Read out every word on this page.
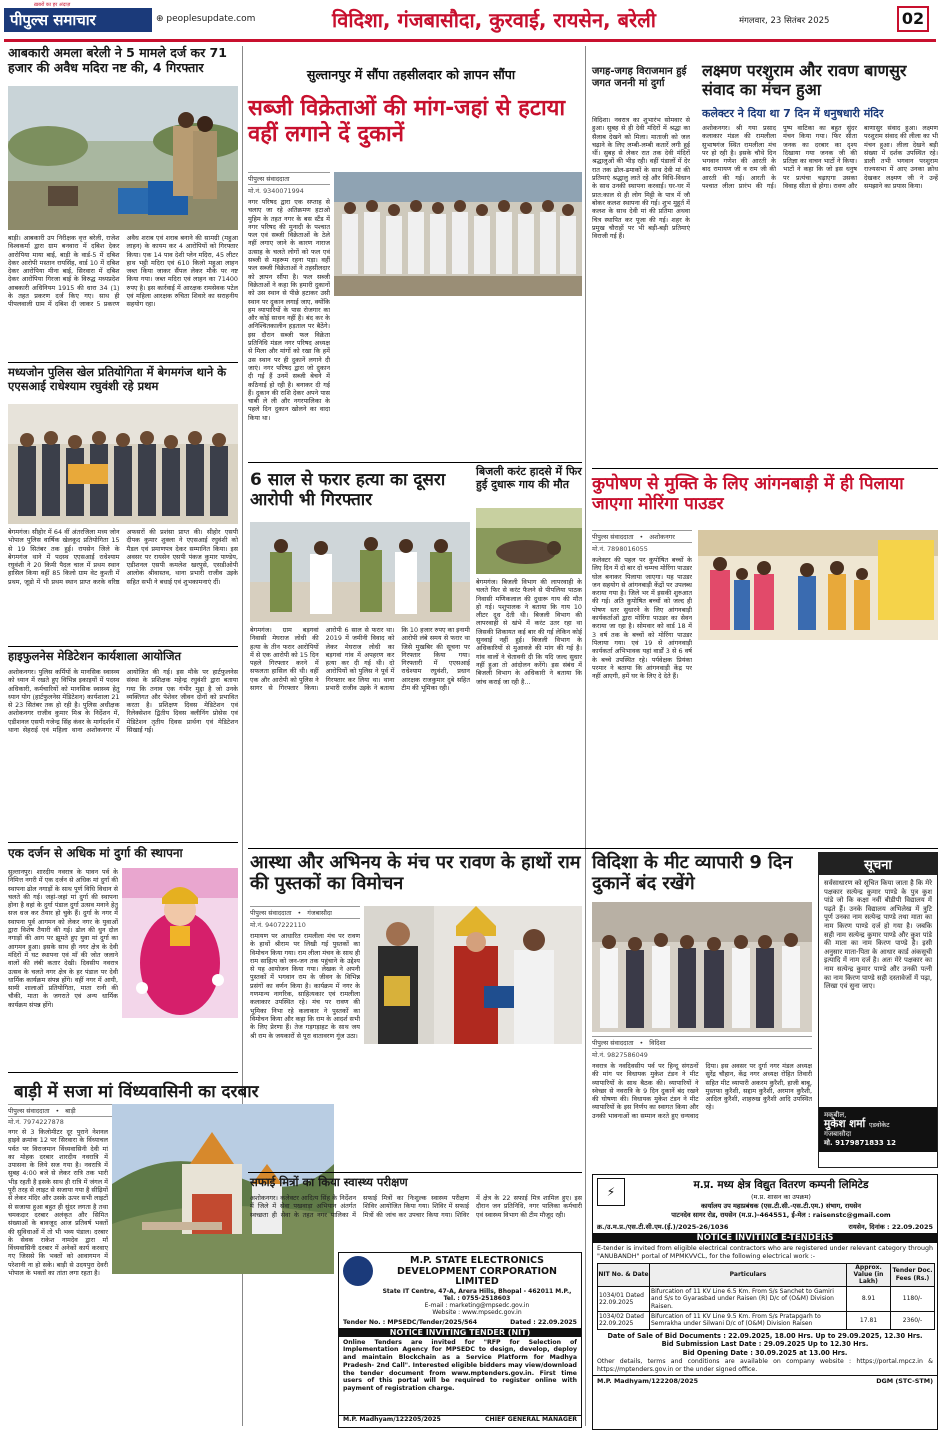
पीपुल्स समाचार
ख़बरों का हर अंदाज़
⊕ peoplesupdate.com	विदिशा, गंजबासौदा, कुरवाई, रायसेन, बरेली	मंगलवार, 23 सितंबर 2025	02
आबकारी अमला बरेली ने 5 मामले दर्ज कर 71 हजार की अवैध मदिरा नष्ट की, 4 गिरफ्तार
बाड़ी। आबकारी उप निरीक्षक वृत्त बरेली, राजेश विश्वकर्मा द्वारा ग्राम बनवारा में दबिश देकर आरोपिया माया बाई, बाड़ी के वार्ड-5 में दबिश देकर आरोपी मस्तान रायसिंह, वार्ड 10 में दबिश देकर आरोपिया मीना बाई, सिरवारा में दबिश देकर आरोपिया गिरजा बाई के विरुद्ध मध्यप्रदेश आबकारी अधिनियम 1915 की धारा 34 (1) के तहत प्रकरण दर्ज किए गए। साथ ही पीपलवाली ग्राम में दबिश दी जाकर 5 प्रकरण अवैध शराब एवं शराब बनाने की सामग्री (महुआ लाहन) के कायम कर 4 आरोपियों को गिरफ्तार किया। एक 14 पाव देशी प्लेन मदिरा, 45 लीटर हाथ भट्टी मदिरा एवं 610 किलो महुआ लाहन जब्त किया जाकर सैंपल लेकर मौके पर नष्ट किया गया। जब्त मदिरा एवं लाहन का 71400 रुपए है। इस कार्रवाई में आरक्षक रामसेवक पटेल एवं महिला आरक्षक रुचिता शिवारे का सराहनीय सहयोग रहा।
मध्यजोन पुलिस खेल प्रतियोगिता में बेगमगंज थाने के एएसआई राधेश्याम रघुवंशी रहे प्रथम
बेगमगंज। सीहोर में 64 वीं अंतरजिला मध्य जोन भोपाल पुलिस वार्षिक खेलकूद प्रतियोगिता 15 से 19 सितंबर तक हुई। रायसेन जिले के बेगमगंज थाने में पदस्थ एएसआई राधेश्याम रघुवंशी ने 20 किमी पैदल चाल में प्रथम स्थान हासिल किया वहीं 85 किलो ग्राम वेट कुश्ती में प्रथम, जूडो में भी प्रथम स्थान प्राप्त करके वरिष्ठ अफसरों की प्रशंसा प्राप्त की। सीहोर एसपी दीपक कुमार शुक्ला ने एएसआई रघुवंशी को मैडल एवं प्रमाणपत्र देकर सम्मानित किया। इस अवसर पर रायसेन एसपी पंकज कुमार पाण्डेय, एडीशनल एसपी कमलेश खरपुसे, एसडीओपी आलोक श्रीवास्तव, थाना प्रभारी राजीव उइके सहित सभी ने बधाई एवं शुभकामनाएं दीं।
हाइफुलनेस मेडिटेशन कार्यशाला आयोजित
अशोकनगर। पुलिस कर्मियों के मानसिक स्वास्थ्य को ध्यान में रखते हुए विभिन्न इकाइयों में पदस्थ अधिकारी, कर्मचारियों को मानसिक स्वास्थ्य हेतु ध्यान योग (हार्टफुलनेस मेडिटेशन) कार्यशाला 21 से 23 सितंबर तक हो रही है। पुलिस अधीक्षक अशोकनगर राजीव कुमार मिश्र के निर्देशन में, एडीशनल एसपी गजेन्द्र सिंह कंवर के मार्गदर्शन में थाना सेहराई एवं महिला थाना अशोकनगर में आयोजित की गई। इस मौके पर हार्टफुलनेस संस्था के प्रशिक्षक महेन्द्र रघुवंशी द्वारा बताया गया कि तनाव एक गंभीर मुद्दा है जो उनके व्यक्तिगत और पेशेवर जीवन दोनों को प्रभावित करता है। प्रशिक्षण दिवस मेडिटेशन एवं रिलेक्सेशन द्वितीय दिवस क्लीनिंग प्रोसेस एवं मेडिटेशन तृतीय दिवस प्रार्थना एवं मेडिटेशन सिखाई गई।
एक दर्जन से अधिक मां दुर्गा की स्थापना
सुल्तानपुर। शारदीय नवरात्र के पावन पर्व के निमित्त नगरी में एक दर्जन से अधिक मां दुर्गा की स्थापना ढोल नगाड़ों के साथ पूर्ण विधि विधान से चलते की गई। जहां-जहां मां दुर्गा की स्थापना होना है वहां के दुर्गा पंडाल दुर्गा उत्सव मनाने हेतु सज धज कर तैयार हो चुके हैं। दुर्गा के नगर में स्थापना पूर्व आगमन को लेकर नगर के युवाओं द्वारा विशेष तैयारी की गई। ढोल की धुन दोल नगाड़ों की आग पर झूमते हुए युवा मां दुर्गा का आगमन हुआ। इसके साथ ही नगर क्षेत्र के देवी मंदिरों में घट स्थापना एवं माँ की जोत जलाने वालों की लंबी कतार देखी। दिवसीय नवरात्र उत्सव के चलते नगर क्षेत्र के हर पंडाल पर देवी धार्मिक कार्यक्रम संपन्न होंगे। वहीं नगर में आयी, सामी शालाओं प्रतियोगिता, माता रानी की चौकी, माता के जगराते एवं अन्य धार्मिक कार्यक्रम संपन्न होंगे।
बाड़ी में सजा मां विंध्यवासिनी का दरबार
पीपुल्स संवाददाता • बाड़ी
मो.नं. 7974227878
नगर से 3 किलोमीटर दूर पुराने नेशनल हाइवे क्रमांक 12 पर सिरवारा के विंध्याचल पर्वत पर विराजमान विंध्यवासिनी देवी मां का मोहक दरबार शारदीय नवरात्रि में उपासना के लिये सज गया है। नवरात्रि में सुबह 4:00 बजे से लेकर रात्रि तक भारी भीड़ रहती है इसके साथ ही रात्रि में जंगल में पूरी तरह से लाइट से सजाया गया है सीढ़ियों से लेकर मंदिर और उसके ऊपर सभी लाइटों से सजाया हुआ बहुत ही सुंदर लगता है तथा चमकदार दरबार अलंकृत और सिमित संख्याओं के बावजूद आज प्रतिवर्ष भक्तों की सुविधाओं में तो भी भव्य पंडाल। दरबार के सेवक राकेश नामदेव द्वारा माँ विंध्यवासिनी दरबार में अनेकों कार्य करवाए गए जिससे कि भक्तों को आवागमन में परेशानी ना हो सके। बाड़ी से उदयपुरा देवरी भोपाल के भक्तों का तांता लगा रहता है।
सुल्तानपुर में सौंपा तहसीलदार को ज्ञापन सौंपा
सब्जी विक्रेताओं की मांग-जहां से हटाया वहीं लगाने दें दुकानें
पीपुल्स संवाददाता
मो.नं. 9340071994
नगर परिषद द्वारा एक सप्ताह से चलाए जा रहे अतिक्रमण हटाओ मुहिम के तहत नगर के बस स्टैंड में नगर परिषद की मुनादी के पश्चात फल एवं सब्जी विक्रेताओं के ठेले नहीं लगाए जाने के कारण नाराज उत्साह के चलते लोगों को फल एवं सब्जी से महरूम रहना पड़ा। वहीं फल सब्जी विक्रेताओं ने तहसीलदार को ज्ञापन सौंपा है। फल सब्जी विक्रेताओं ने कहा कि हमारी दुकानों को उस स्थान से पीछे हटाकर उसी स्थान पर दुकान लगाई जाए, क्योंकि हम व्यापारियों के पास रोजगार का और कोई साधन नहीं है। बंद कर के अनिश्चितकालीन हड़ताल पर बैठेंगे। इस दौरान सब्जी फल विक्रेता प्रतिनिधि मंडल नगर परिषद अध्यक्ष से मिला और मांगों को रखा कि हमें उस स्थान पर ही दुकानें लगाने दी जाएं। नगर परिषद द्वारा जो दुकान दी गई हैं उनमें सब्जी बेचने में कठिनाई हो रही है। बनाकर दी गई हैं। दुकान की राशि देकर अपने पास चाबी ले ली और नगरपालिका के पहले दिन दुकान खोलने का वादा किया था।
जगह-जगह विराजमान हुई जगत जननी मां दुर्गा
विदिशा। नवरात्र का शुभारंभ सोमवार से हुआ। सुबह से ही देवी मंदिरों में श्रद्धा का सैलाब देखने को मिला। माताजी को जल चढ़ाने के लिए लम्बी-लम्बी कतारें लगी हुई थीं। सुबह से लेकर रात तक देवी मंदिरों श्रद्धालुओं की भीड़ रही। वहीं पंडालों में देर रात तक ढोल-ढमाकों के साथ देवी मां की प्रतिमाएं श्रद्धालु लाते रहे और विधि-विधान के साथ उनकी स्थापना करवाई। घर-घर में प्रात:काल से ही लोग मिट्टी के पात्र में जौ बोकर कलश स्थापना की गई। शुभ मुहूर्त में कलश के साथ देवी मां की प्रतिमा अथवा चित्र स्थापित कर पूजा की गई। शहर के प्रमुख चौराहों पर भी बड़ी-बड़ी प्रतिमाएं विराजी गई हैं।
लक्ष्मण परशुराम और रावण बाणसुर संवाद का मंचन हुआ
कलेक्टर ने दिया था 7 दिन में धनुषधारी मंदिर
अशोकनगर। श्री गया प्रसाद कलाकार मंडल की रामलीला सुभाषगंज स्थित रामलीला मंच पर हो रही है। इसके चौथे दिन भगवान गणेश की आरती के बाद रामायण जी व राम जी की आरती की गई। आरती के पश्चात लीला प्रारंभ की गई। पुष्प वाटिका का बहुत सुंदर मंचन किया गया। फिर सीता जनक का दरबार का दृश्य दिखाया गया जनक जी की प्रतिज्ञा का वाचन भाटों ने किया। भाटों ने कहा कि जो इस धनुष पर प्रत्यंचा चढ़ाएगा उसका विवाह सीता से होगा। रावण और बाणासुर संवाद हुआ। लक्ष्मण परशुराम संवाद की लीला का भी मंचन हुआ। लीला देखने बड़ी संख्या में दर्शक उपस्थित रहे। डाली तभी भगवान परशुराम राज्यसभा में आए उनका क्रोध देखकर लक्ष्मण जी ने उन्हें समझाने का प्रयास किया।
6 साल से फरार हत्या का दूसरा आरोपी भी गिरफ्तार
बेगमगंज। ग्राम बड़गवां निवासी मेघराज लोधी की हत्या के तीन फरार आरोपियों में से एक आरोपी को 15 दिन पहले गिरफ्तार करने में सफलता हासिल की थी। वहीं एक और आरोपी को पुलिस ने सागर से गिरफ्तार किया। आरोपी 6 साल से फरार था। 2019 में जमीनी विवाद को लेकर मेघराज लोधी का बड़गवां गांव में अपहरण कर हत्या कर दी गई थी। दो आरोपियों को पुलिस ने पूर्व में गिरफ्तार कर लिया था। थाना प्रभारी राजीव उइके ने बताया कि 10 हजार रुपए का इनामी आरोपी लंबे समय से फरार था जिसे मुखबिर की सूचना पर गिरफ्तार किया गया। गिरफ्तारी में एएसआई राधेश्याम रघुवंशी, प्रधान आरक्षक राजकुमार दुबे सहित टीम की भूमिका रही।
बिजली करंट हादसे में फिर हुई दुधारू गाय की मौत
बेगमगंज। बिजली विभाग की लापरवाही के चलते फिर से करंट फैलने से पीपलिया पाठक निवासी मणिकलाल की दुधारू गाय की मौत हो गई। पशुपालक ने बताया कि गाय 10 लीटर दूध देती थी। बिजली विभाग की लापरवाही से खंभे में करंट उतर रहा था जिसकी शिकायत कई बार की गई लेकिन कोई सुनवाई नहीं हुई। बिजली विभाग के अधिकारियों से मुआवजे की मांग की गई है। गांव वालों ने चेतावनी दी कि यदि जल्द सुधार नहीं हुआ तो आंदोलन करेंगे। इस संबंध में बिजली विभाग के अधिकारी ने बताया कि जांच कराई जा रही है...
कुपोषण से मुक्ति के लिए आंगनबाड़ी में ही पिलाया जाएगा मोरिंगा पाउडर
पीपुल्स संवाददाता • अशोकनगर
मो.नं. 7898016055
कलेक्टर की पहल पर कुपोषित बच्चों के लिए दिन में दो बार दो चम्मच मोरिंगा पाउडर घोल बनाकर पिलाया जाएगा। यह पाउडर जन सहयोग से आंगनबाड़ी केंद्रों पर उपलब्ध कराया गया है। जिले भर में इसकी शुरुआत की गई। अति कुपोषित बच्चों को जल्द ही पोषण स्तर सुधारने के लिए आंगनबाड़ी कार्यकर्ताओं द्वारा मोरिंगा पाउडर का सेवन कराया जा रहा है। सोमवार को वार्ड 18 में 3 वर्ष तक के बच्चों को मोरिंगा पाउडर पिलाया गया। एवं 19 से आंगनवाड़ी कार्यकर्ता अभिभावक यहां वार्डों 3 से 6 वर्ष के बच्चे उपस्थित रहे। पर्यवेक्षक प्रियंका परमार ने बताया कि आंगनवाड़ी केंद्र पर नहीं आएगी, हमें घर के लिए दे देते हैं।
आस्था और अभिनय के मंच पर रावण के हाथों राम की पुस्तकों का विमोचन
पीपुल्स संवाददाता • गंजबासौदा
मो.नं. 9407222110
रामायण पर आधारित रामलीला मंच पर रावण के हाथों श्रीराम पर लिखी गई पुस्तकों का विमोचन किया गया। राम लीला मंचन के साथ ही राम साहित्य को जन-जन तक पहुंचाने के उद्देश्य से यह आयोजन किया गया। लेखक ने अपनी पुस्तकों में भगवान राम के जीवन के विभिन्न प्रसंगों का वर्णन किया है। कार्यक्रम में नगर के गणमान्य नागरिक, साहित्यकार एवं रामलीला कलाकार उपस्थित रहे। मंच पर रावण की भूमिका निभा रहे कलाकार ने पुस्तकों का विमोचन किया और कहा कि राम के आदर्श सभी के लिए प्रेरणा हैं। तेज गड़गड़ाहट के साथ जय श्री राम के जयकारों से पूरा वातावरण गूंज उठा।
विदिशा के मीट व्यापारी 9 दिन दुकानें बंद रखेंगे
पीपुल्स संवाददाता • विदिशा
मो.नं. 9827586049
नवरात्र के नवदिवसीय पर्व पर हिन्दू संगठनों की मांग पर विधायक मुकेश टंडन ने मीट व्यापारियों के साथ बैठक की। व्यापारियों ने स्वेच्छा से नवरात्रि के 9 दिन दुकानें बंद रखने की घोषणा की। विधायक मुकेश टंडन ने मीट व्यापारियों के इस निर्णय का स्वागत किया और उनकी भावनाओं का सम्मान करते हुए धन्यवाद दिया। इस अवसर पर दुर्गा नगर मंडल अध्यक्ष सुरेंद्र चौहान, केंद्र नगर अध्यक्ष रोहित तिवारी सहित मीट व्यापारी अकरम कुरैशी, हाजी बाबू, मुस्तफा कुरैशी, सद्दाम कुरैशी, अरमान कुरैशी, आदिल कुरैशी, शाहरुख कुरैशी आदि उपस्थित रहे।
सूचना
सर्वसाधारण को सूचित किया जाता है कि मेरे पक्षकार सत्येन्द्र कुमार पाण्डे के पुत्र कुश पांडे जो कि कक्षा नवीं बीडीपी विद्यालय में पढ़ते हैं। उनके विद्यालय अभिलेख में त्रुटि पूर्ण उनका नाम सत्येन्द्र पाण्डे तथा माता का नाम किरण पाण्डे दर्ज हो गया है। जबकि सही नाम सत्येन्द्र कुमार पाण्डे और कुश पांडे की माता का नाम किरण पाण्डे है। इसी अनुसार माता-पिता के आधार कार्ड अंकसूची इत्यादि में नाम दर्ज है। अतः मेरे पक्षकार का नाम सत्येन्द्र कुमार पाण्डे और उनकी पत्नी का नाम किरण पाण्डे सही दस्तावेजों में पढ़ा, लिखा एवं सुना जाए।
मकबील,
मुकेश शर्मा एडवोकेट
गंजबासौदा
मो. 9179871833 12
सफाई मित्रों का किया स्वास्थ्य परीक्षण
अशोकनगर। कलेक्टर आदित्य सिंह के निर्देशन में जिले में सेवा पखवाड़ा अभियान अंतर्गत स्वच्छता ही सेवा के तहत नगर पालिका में सफाई मित्रों का निःशुल्क स्वास्थ्य परीक्षण शिविर आयोजित किया गया। शिविर में सफाई मित्रों की जांच कर उपचार किया गया। शिविर में क्षेत्र के 22 सफाई मित्र शामिल हुए। इस दौरान जन प्रतिनिधि, नगर पालिका कर्मचारी एवं स्वास्थ्य विभाग की टीम मौजूद रही।
M.P. STATE ELECTRONICS DEVELOPMENT CORPORATION LIMITED
State IT Centre, 47-A, Arera Hills, Bhopal - 462011 M.P., Tel. : 0755-2518603
E-mail : marketing@mpsedc.gov.in
Website : www.mpsedc.gov.in
Tender No. : MPSEDC/Tender/2025/564	Dated : 22.09.2025
NOTICE INVITING TENDER (NIT)
Online Tenders are invited for "RFP for Selection of Implementation Agency for MPSEDC to design, develop, deploy and maintain Blockchain as a Service Platform for Madhya Pradesh- 2nd Call". Interested eligible bidders may view/download the tender document from www.mptenders.gov.in. First time users of this portal will be required to register online with payment of registration charge.
M.P. Madhyam/122205/2025	CHIEF GENERAL MANAGER
⚡	म.प्र. मध्य क्षेत्र विद्युत वितरण कम्पनी लिमिटेड
(म.प्र. शासन का उपक्रम)
कार्यालय उप महाप्रबंधक (एस.टी.सी.-एस.टी.एम.) संभाग, रायसेन
पाटनदेव सागर रोड, रायसेन (म.प्र.)-464551, ई-मेल : raisenstc@gmail.com
क्र./उ.म.प्र./एस.टी.सी.एम.(ई.)/2025-26/1036	रायसेन, दिनांक : 22.09.2025
NOTICE INVITING E-TENDERS
E-tender is invited from eligible electrical contractors who are registered under relevant category through "ANUBANDH" portal of MPMKVVCL, for the following electrical work :-
NIT No. & Date	Particulars	Approx. Value (in Lakh)	Tender Doc. Fees (Rs.)
1034/01 Dated 22.09.2025	Bifurcation of 11 KV Line 6.5 Km. From S/s Sanchet to Gamiri and S/s to Gyarasbad under Raisen (R) D/c of (O&M) Division Raisen.	8.91	1180/-
1034/02 Dated 22.09.2025	Bifurcation of 11 KV Line 9.5 Km. From S/s Pratapgarh to Semrakha under Silwani D/c of (O&M) Division Raisen	17.81	2360/-
Date of Sale of Bid Documents : 22.09.2025, 18.00 Hrs. Up to 29.09.2025, 12.30 Hrs.
Bid Submission Last Date : 29.09.2025 Up to 12.30 Hrs.
Bid Opening Date : 30.09.2025 at 13.00 Hrs.
Other details, terms and conditions are available on company website : https://portal.mpcz.in & https://mptenders.gov.in or the under signed office.
M.P. Madhyam/122208/2025	DGM (STC-STM)
